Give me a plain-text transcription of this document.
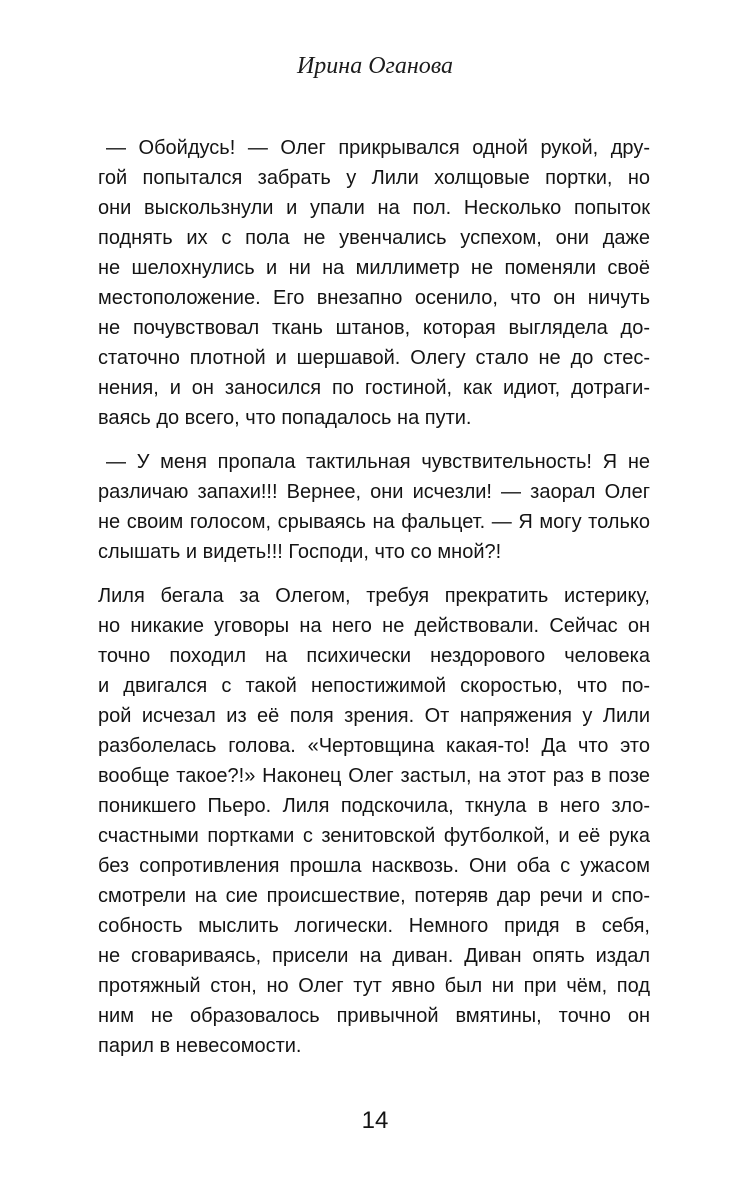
Ирина Оганова
— Обойдусь! — Олег прикрывался одной рукой, дру-
гой попытался забрать у Лили холщовые портки, но
они выскользнули и упали на пол. Несколько попыток
поднять их с пола не увенчались успехом, они даже
не шелохнулись и ни на миллиметр не поменяли своё
местоположение. Его внезапно осенило, что он ничуть
не почувствовал ткань штанов, которая выглядела до-
статочно плотной и шершавой. Олегу стало не до стес-
нения, и он заносился по гостиной, как идиот, дотраги-
ваясь до всего, что попадалось на пути.
— У меня пропала тактильная чувствительность! Я не
различаю запахи!!! Вернее, они исчезли! — заорал Олег
не своим голосом, срываясь на фальцет. — Я могу только
слышать и видеть!!! Господи, что со мной?!
Лиля бегала за Олегом, требуя прекратить истерику,
но никакие уговоры на него не действовали. Сейчас он
точно походил на психически нездорового человека
и двигался с такой непостижимой скоростью, что по-
рой исчезал из её поля зрения. От напряжения у Лили
разболелась голова. «Чертовщина какая-то! Да что это
вообще такое?!» Наконец Олег застыл, на этот раз в позе
поникшего Пьеро. Лиля подскочила, ткнула в него зло-
счастными портками с зенитовской футболкой, и её рука
без сопротивления прошла насквозь. Они оба с ужасом
смотрели на сие происшествие, потеряв дар речи и спо-
собность мыслить логически. Немного придя в себя,
не сговариваясь, присели на диван. Диван опять издал
протяжный стон, но Олег тут явно был ни при чём, под
ним не образовалось привычной вмятины, точно он
парил в невесомости.
14
